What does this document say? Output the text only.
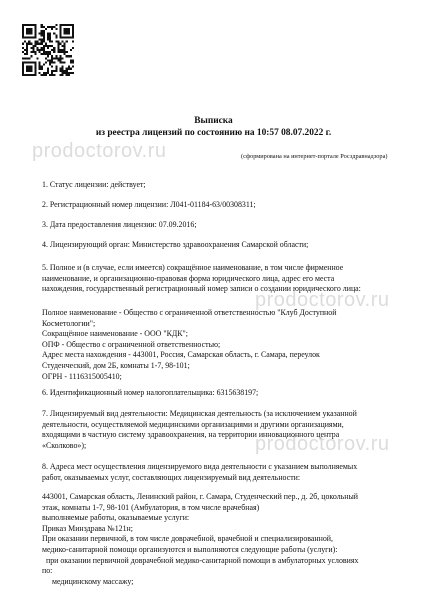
prodoctorov.ru
prodoctorov.ru
prodoctorov.ru
Выписка
из реестра лицензий по состоянию на 10:57 08.07.2022 г.
(сформирована на интернет-портале Росздравнадзора)
1. Статус лицензии: действует;
2. Регистрационный номер лицензии: Л041-01184-63/00308311;
3. Дата предоставления лицензии: 07.09.2016;
4. Лицензирующий орган: Министерство здравоохранения Самарской области;
5. Полное и (в случае, если имеется) сокращённое наименование, в том числе фирменное
наименование, и организационно-правовая форма юридического лица, адрес его места
нахождения, государственный регистрационный номер записи о создании юридического лица:
Полное наименование - Общество с ограниченной ответственностью "Клуб Доступной
Косметологии";
Сокращённое наименование - ООО "КДК";
ОПФ - Общество с ограниченной ответственностью;
Адрес места нахождения - 443001, Россия, Самарская область, г. Самара, переулок
Студенческий, дом 2Б, комнаты 1-7, 98-101;
ОГРН - 1116315005410;
6. Идентификационный номер налогоплательщика: 6315638197;
7. Лицензируемый вид деятельности: Медицинская деятельность (за исключением указанной
деятельности, осуществляемой медицинскими организациями и другими организациями,
входящими в частную систему здравоохранения, на территории инновационного центра
«Сколково»);
8. Адреса мест осуществления лицензируемого вида деятельности с указанием выполняемых
работ, оказываемых услуг, составляющих лицензируемый вид деятельности:
443001, Самарская область, Ленинский район, г. Самара, Студенческий пер., д. 2б, цокольный
этаж, комнаты 1-7, 98-101 (Амбулатория, в том числе врачебная)
выполняемые работы, оказываемые услуги:
Приказ Минздрава №121н;
При оказании первичной, в том числе доврачебной, врачебной и специализированной,
медико-санитарной помощи организуются и выполняются следующие работы (услуги):
при оказании первичной доврачебной медико-санитарной помощи в амбулаторных условиях
по:
медицинскому массажу;
